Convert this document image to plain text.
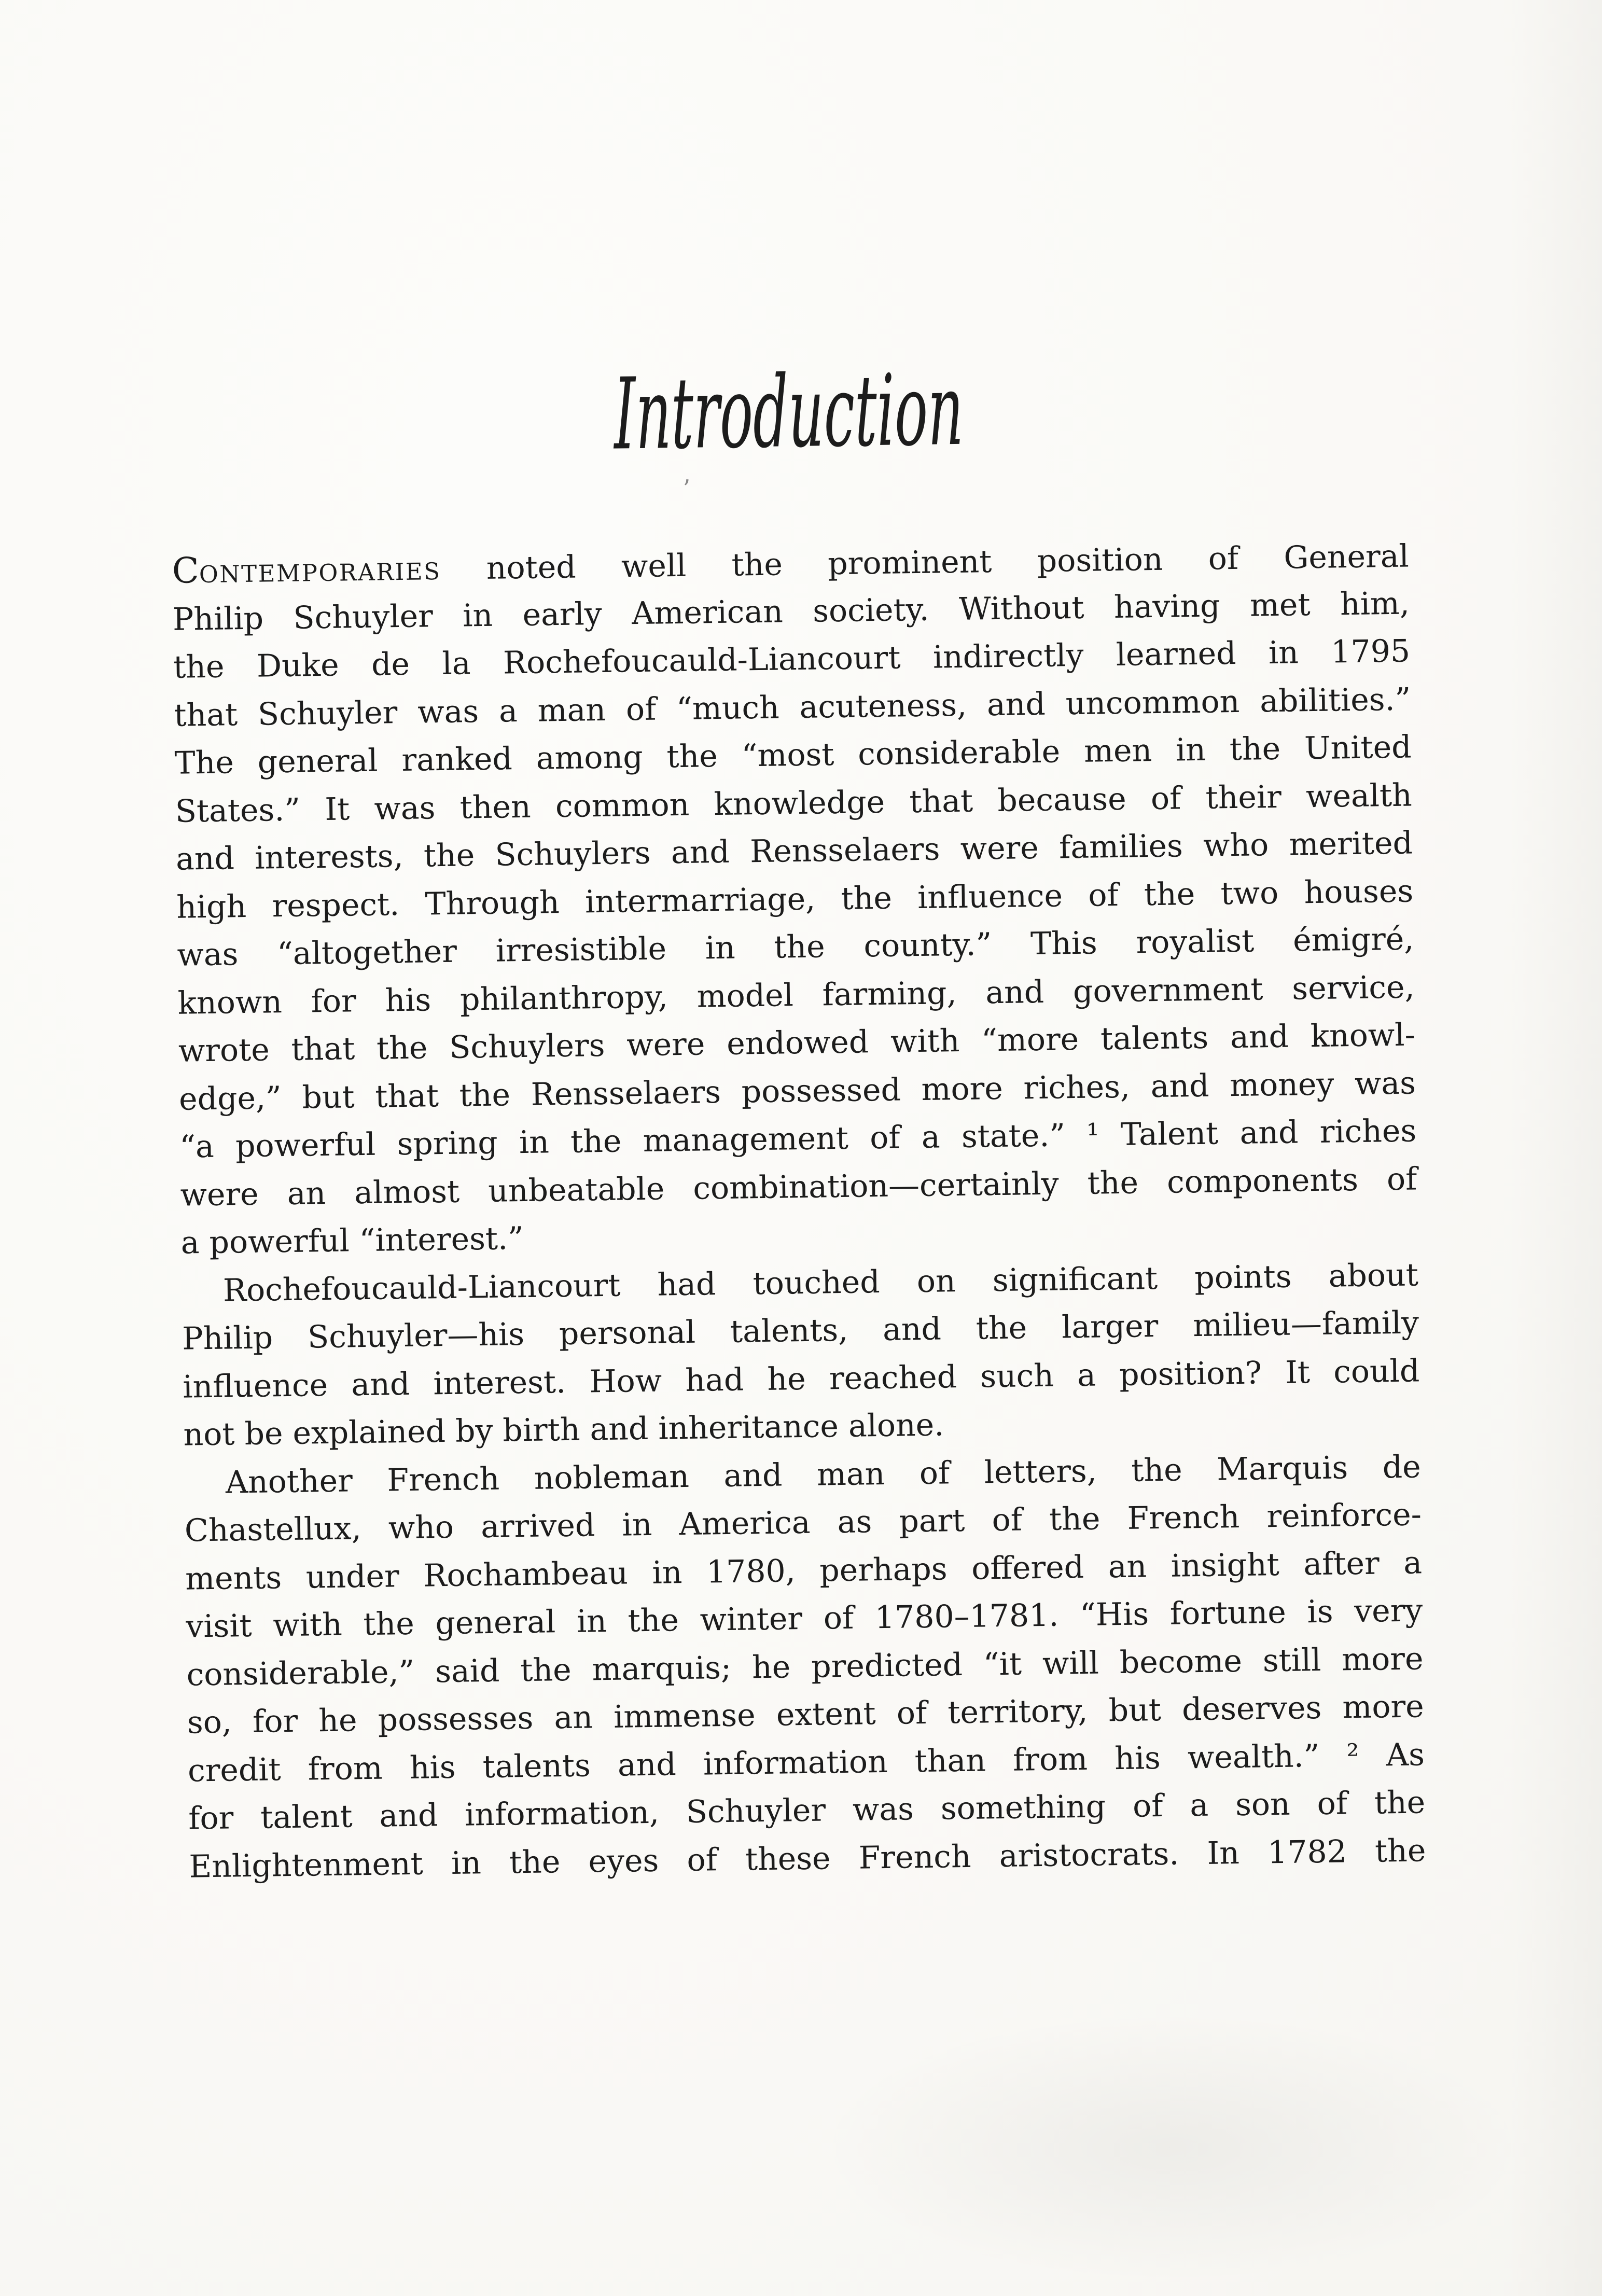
Introduction
’
CONTEMPORARIES noted well the prominent position of General
Philip Schuyler in early American society. Without having met him,
the Duke de la Rochefoucauld-Liancourt indirectly learned in 1795
that Schuyler was a man of “much acuteness, and uncommon abilities.”
The general ranked among the “most considerable men in the United
States.” It was then common knowledge that because of their wealth
and interests, the Schuylers and Rensselaers were families who merited
high respect. Through intermarriage, the influence of the two houses
was “altogether irresistible in the county.” This royalist émigré,
known for his philanthropy, model farming, and government service,
wrote that the Schuylers were endowed with “more talents and knowl-
edge,” but that the Rensselaers possessed more riches, and money was
“a powerful spring in the management of a state.” ¹ Talent and riches
were an almost unbeatable combination—certainly the components of
a powerful “interest.”
Rochefoucauld-Liancourt had touched on significant points about
Philip Schuyler—his personal talents, and the larger milieu—family
influence and interest. How had he reached such a position? It could
not be explained by birth and inheritance alone.
Another French nobleman and man of letters, the Marquis de
Chastellux, who arrived in America as part of the French reinforce-
ments under Rochambeau in 1780, perhaps offered an insight after a
visit with the general in the winter of 1780–1781. “His fortune is very
considerable,” said the marquis; he predicted “it will become still more
so, for he possesses an immense extent of territory, but deserves more
credit from his talents and information than from his wealth.” ² As
for talent and information, Schuyler was something of a son of the
Enlightenment in the eyes of these French aristocrats. In 1782 the
